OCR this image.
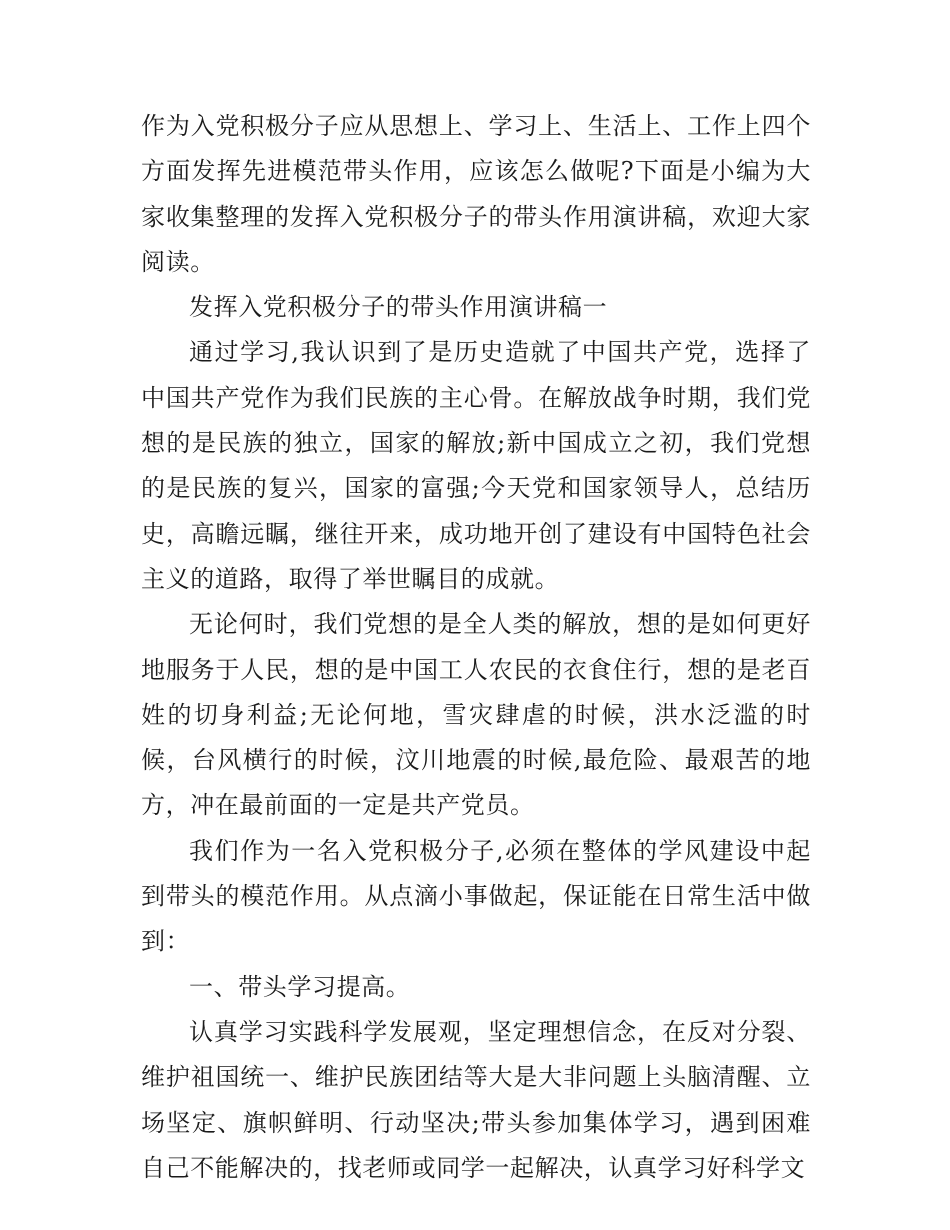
作为入党积极分子应从思想上、学习上、生活上、工作上四个方面发挥先进模范带头作用，应该怎么做呢?下面是小编为大家收集整理的发挥入党积极分子的带头作用演讲稿，欢迎大家阅读。

发挥入党积极分子的带头作用演讲稿一

通过学习,我认识到了是历史造就了中国共产党，选择了中国共产党作为我们民族的主心骨。在解放战争时期，我们党想的是民族的独立，国家的解放;新中国成立之初，我们党想的是民族的复兴，国家的富强;今天党和国家领导人，总结历史，高瞻远瞩，继往开来，成功地开创了建设有中国特色社会主义的道路，取得了举世瞩目的成就。

无论何时，我们党想的是全人类的解放，想的是如何更好地服务于人民，想的是中国工人农民的衣食住行，想的是老百姓的切身利益;无论何地，雪灾肆虐的时候，洪水泛滥的时候，台风横行的时候，汶川地震的时候,最危险、最艰苦的地方，冲在最前面的一定是共产党员。

我们作为一名入党积极分子,必须在整体的学风建设中起到带头的模范作用。从点滴小事做起，保证能在日常生活中做到：

一、带头学习提高。

认真学习实践科学发展观，坚定理想信念，在反对分裂、维护祖国统一、维护民族团结等大是大非问题上头脑清醒、立场坚定、旗帜鲜明、行动坚决;带头参加集体学习，遇到困难自己不能解决的，找老师或同学一起解决，认真学习好科学文
